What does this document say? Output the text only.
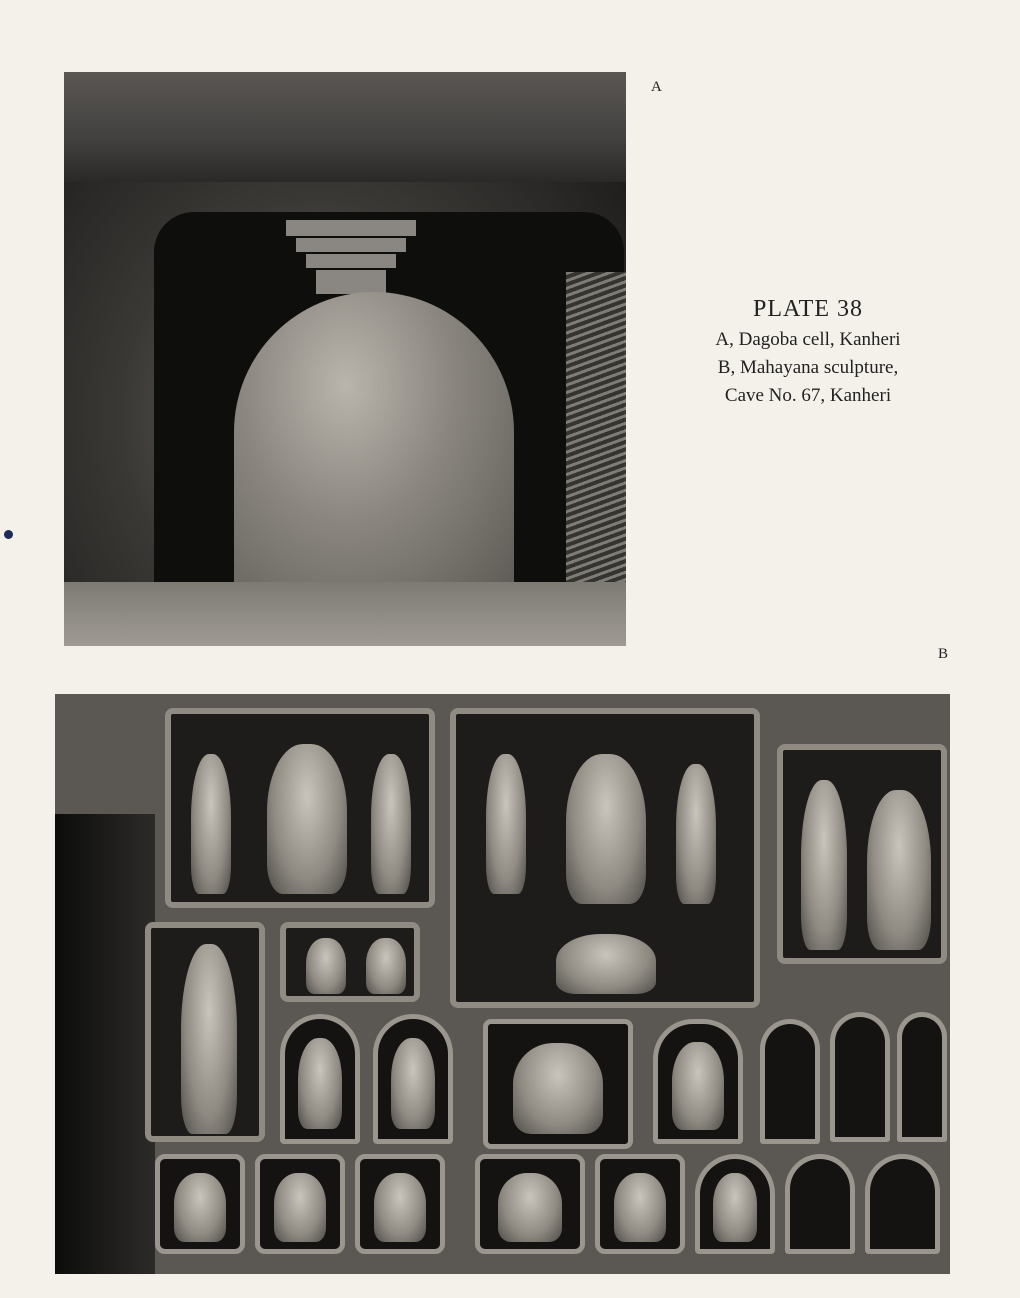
A
PLATE 38
A, Dagoba cell, Kanheri
B, Mahayana sculpture,
Cave No. 67, Kanheri
B
